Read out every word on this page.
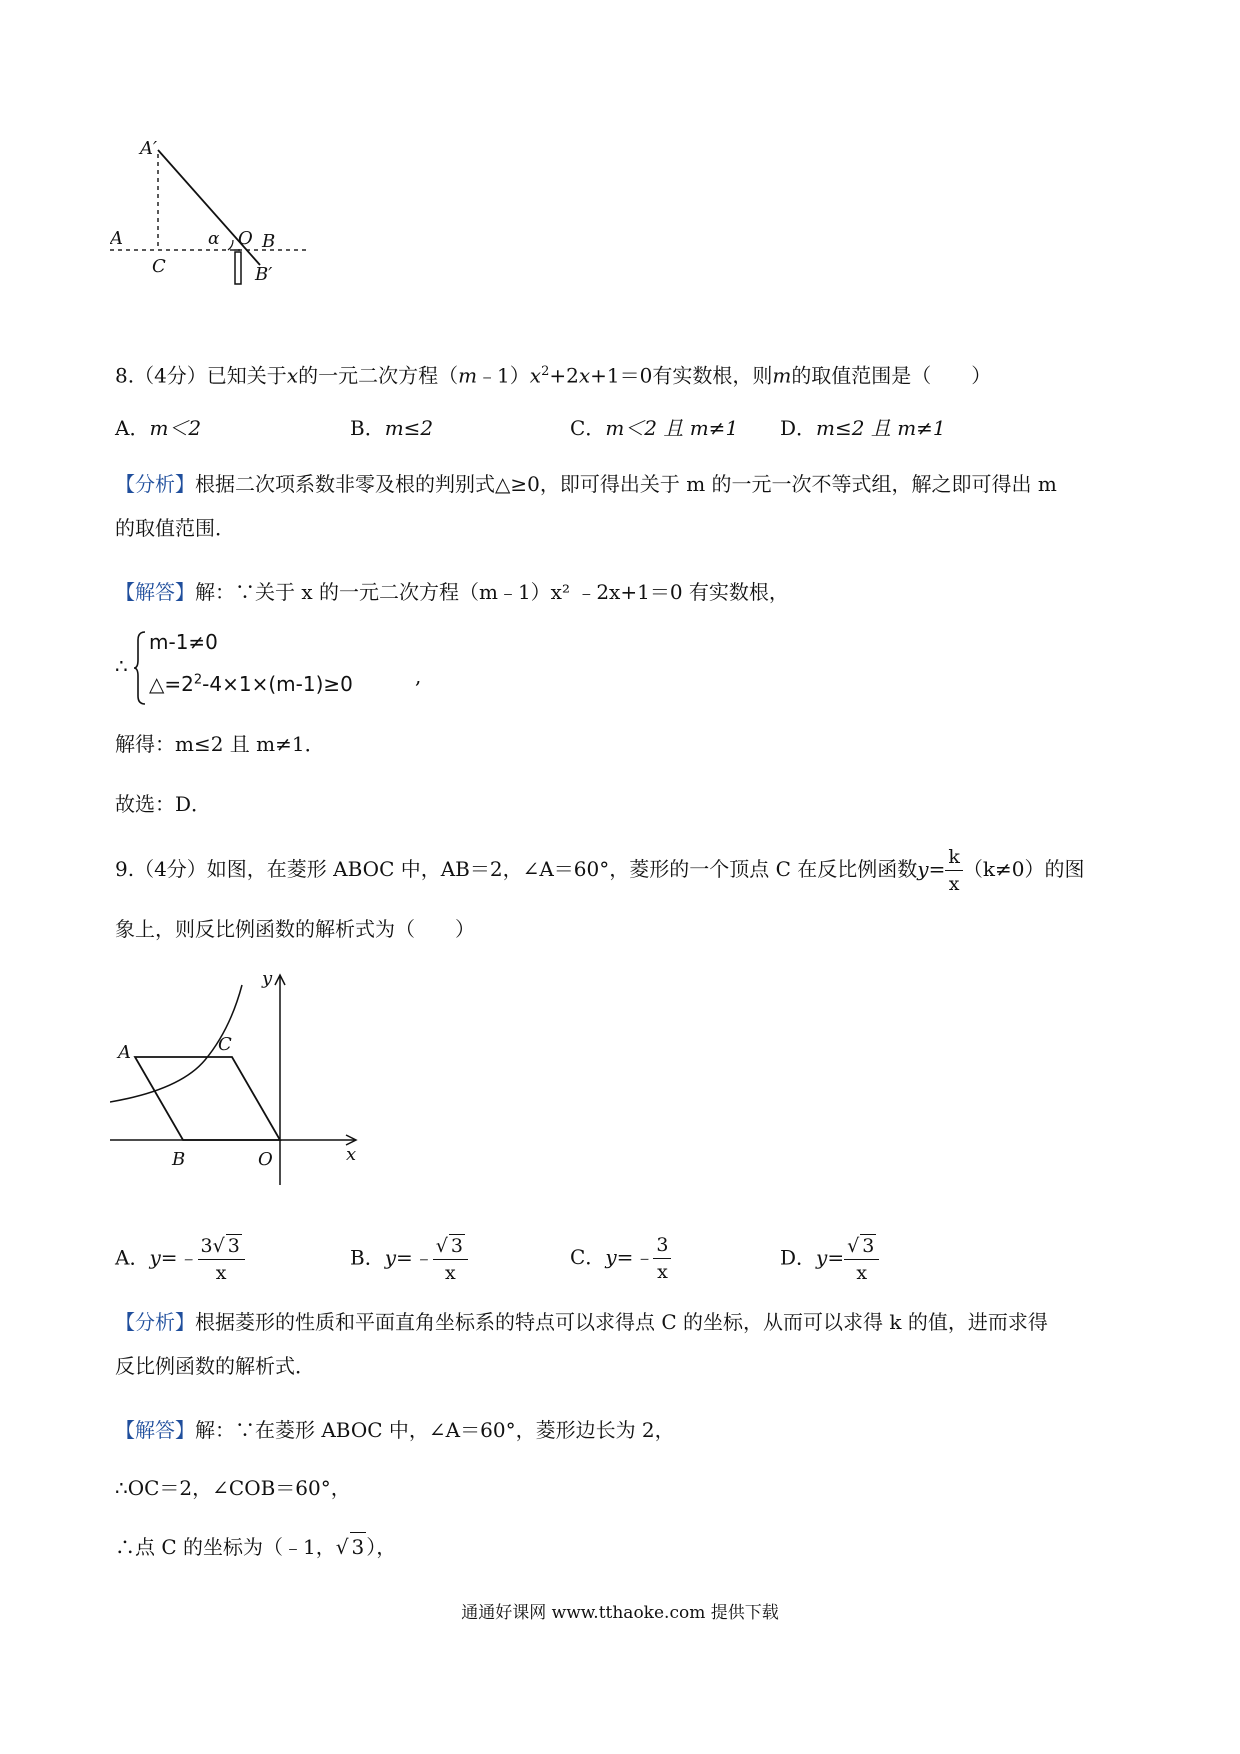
A′
A
C
α O B
B′
8.（4分）已知关于x的一元二次方程$(m﹣1)x^2+2x+1=0$有实数根，则m的取值范围是（　　）
A．m＜2	B．m≤2	C．m＜2 且 m≠1 D．m≤2 且 m≠1
【分析】根据二次项系数非零及根的判别式△≥0，即可得出关于 m 的一元一次不等式组，解之即可得出 m
的取值范围．
【解答】解：∵关于 x 的一元二次方程（m﹣1）x² ﹣2x+1＝0 有实数根，
∴
m-1≠0
$\triangle=2^2-4\times 1\times(m-1)\ge 0$	,
解得：m≤2 且 m≠1．
故选：D．
9.（4分）如图，在菱形 ABOC 中，AB＝2，∠A＝60°，菱形的一个顶点 C 在反比例函数$y= \frac{k}{x} (k\ne 0)$的图
象上，则反比例函数的解析式为（　　）
y
A	C
B	O	x
A．y=﹣ $\frac{3√ 3}{x}$	B．y=﹣ $\frac{√ 3}{x}$	C．y=﹣ $\frac{3}{x}$	D．$y= \frac{√ 3}{x}$
【分析】根据菱形的性质和平面直角坐标系的特点可以求得点 C 的坐标，从而可以求得 k 的值，进而求得
反比例函数的解析式．
【解答】解：∵在菱形 ABOC 中，∠A＝60°，菱形边长为 2，
∴OC＝2，∠COB＝60°，
∴点 C 的坐标为（﹣1，√ 3 ），
通通好课网 www.tthaoke.com 提供下载
